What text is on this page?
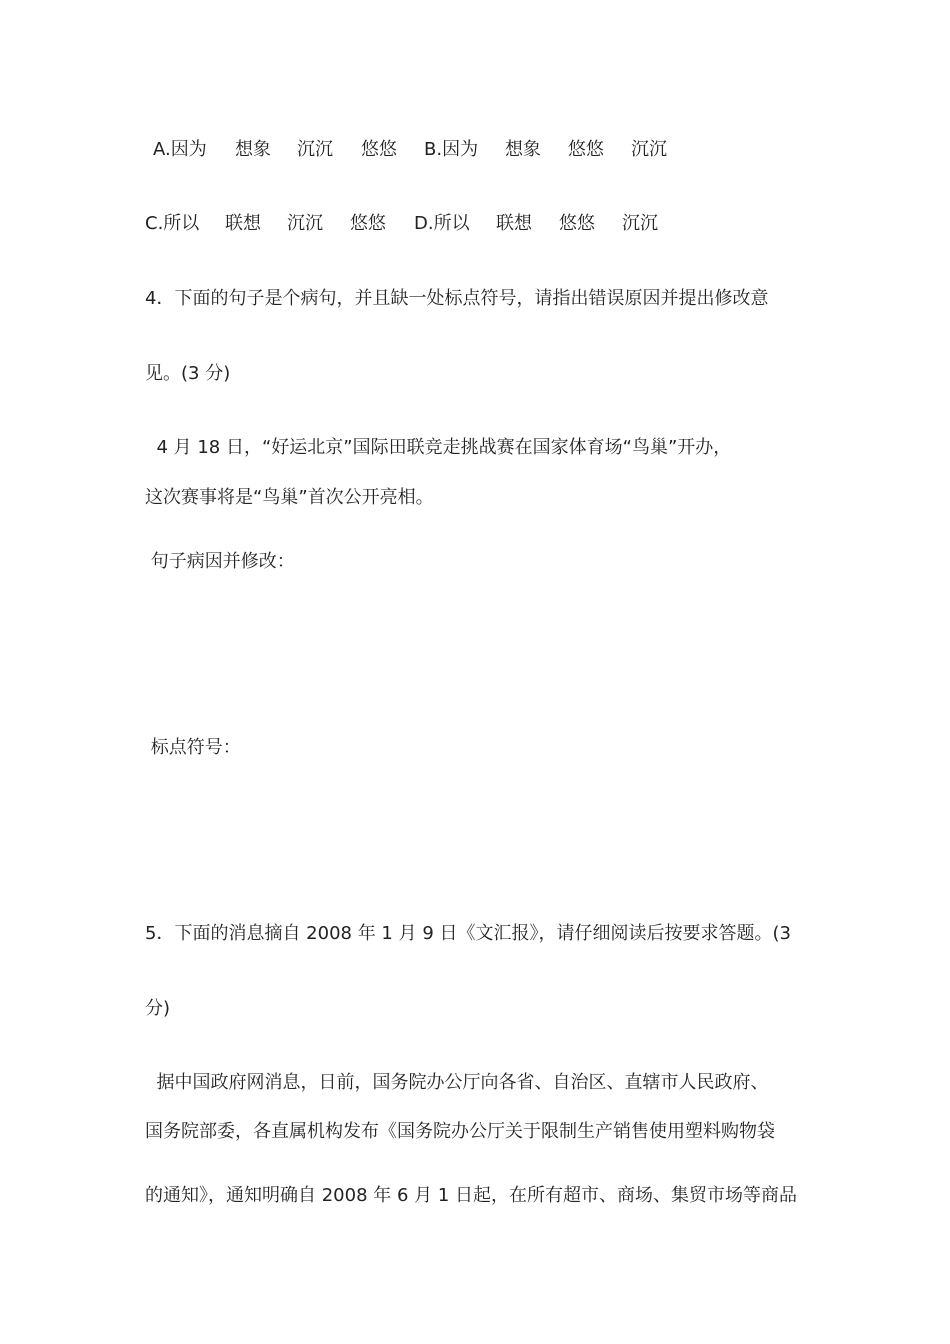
A.因为 想象 沉沉 悠悠 B.因为 想象 悠悠 沉沉
C.所以 联想 沉沉 悠悠 D.所以 联想 悠悠 沉沉
4．下面的句子是个病句，并且缺一处标点符号，请指出错误原因并提出修改意
见。(3 分)
4 月 18 日，“好运北京”国际田联竞走挑战赛在国家体育场“鸟巢”开办，
这次赛事将是“鸟巢”首次公开亮相。
句子病因并修改：
标点符号：
5．下面的消息摘自 2008 年 1 月 9 日《文汇报》，请仔细阅读后按要求答题。(3
分)
据中国政府网消息，日前，国务院办公厅向各省、自治区、直辖市人民政府、
国务院部委，各直属机构发布《国务院办公厅关于限制生产销售使用塑料购物袋
的通知》，通知明确自 2008 年 6 月 1 日起，在所有超市、商场、集贸市场等商品
